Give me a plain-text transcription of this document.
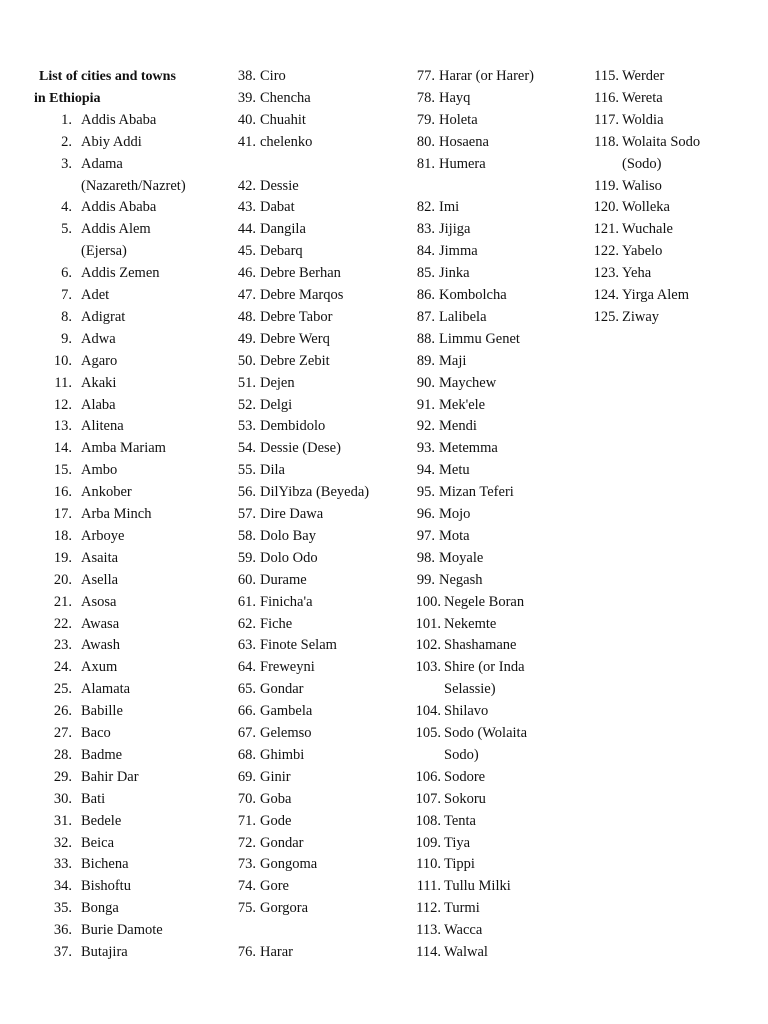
List of cities and towns
in Ethiopia
1. Addis Ababa
2. Abiy Addi
3. Adama
(Nazareth/Nazret)
4. Addis Ababa
5. Addis Alem
(Ejersa)
6. Addis Zemen
7. Adet
8. Adigrat
9. Adwa
10. Agaro
11. Akaki
12. Alaba
13. Alitena
14. Amba Mariam
15. Ambo
16. Ankober
17. Arba Minch
18. Arboye
19. Asaita
20. Asella
21. Asosa
22. Awasa
23. Awash
24. Axum
25. Alamata
26. Babille
27. Baco
28. Badme
29. Bahir Dar
30. Bati
31. Bedele
32. Beica
33. Bichena
34. Bishoftu
35. Bonga
36. Burie Damote
37. Butajira
38. Ciro
39. Chencha
40. Chuahit
41. chelenko
42. Dessie
43. Dabat
44. Dangila
45. Debarq
46. Debre Berhan
47. Debre Marqos
48. Debre Tabor
49. Debre Werq
50. Debre Zebit
51. Dejen
52. Delgi
53. Dembidolo
54. Dessie (Dese)
55. Dila
56. DilYibza (Beyeda)
57. Dire Dawa
58. Dolo Bay
59. Dolo Odo
60. Durame
61. Finicha'a
62. Fiche
63. Finote Selam
64. Freweyni
65. Gondar
66. Gambela
67. Gelemso
68. Ghimbi
69. Ginir
70. Goba
71. Gode
72. Gondar
73. Gongoma
74. Gore
75. Gorgora
76. Harar
77. Harar (or Harer)
78. Hayq
79. Holeta
80. Hosaena
81. Humera
82. Imi
83. Jijiga
84. Jimma
85. Jinka
86. Kombolcha
87. Lalibela
88. Limmu Genet
89. Maji
90. Maychew
91. Mek'ele
92. Mendi
93. Metemma
94. Metu
95. Mizan Teferi
96. Mojo
97. Mota
98. Moyale
99. Negash
100. Negele Boran
101. Nekemte
102. Shashamane
103. Shire (or Inda
Selassie)
104. Shilavo
105. Sodo (Wolaita
Sodo)
106. Sodore
107. Sokoru
108. Tenta
109. Tiya
110. Tippi
111. Tullu Milki
112. Turmi
113. Wacca
114. Walwal
115. Werder
116. Wereta
117. Woldia
118. Wolaita Sodo
(Sodo)
119. Waliso
120. Wolleka
121. Wuchale
122. Yabelo
123. Yeha
124. Yirga Alem
125. Ziway
